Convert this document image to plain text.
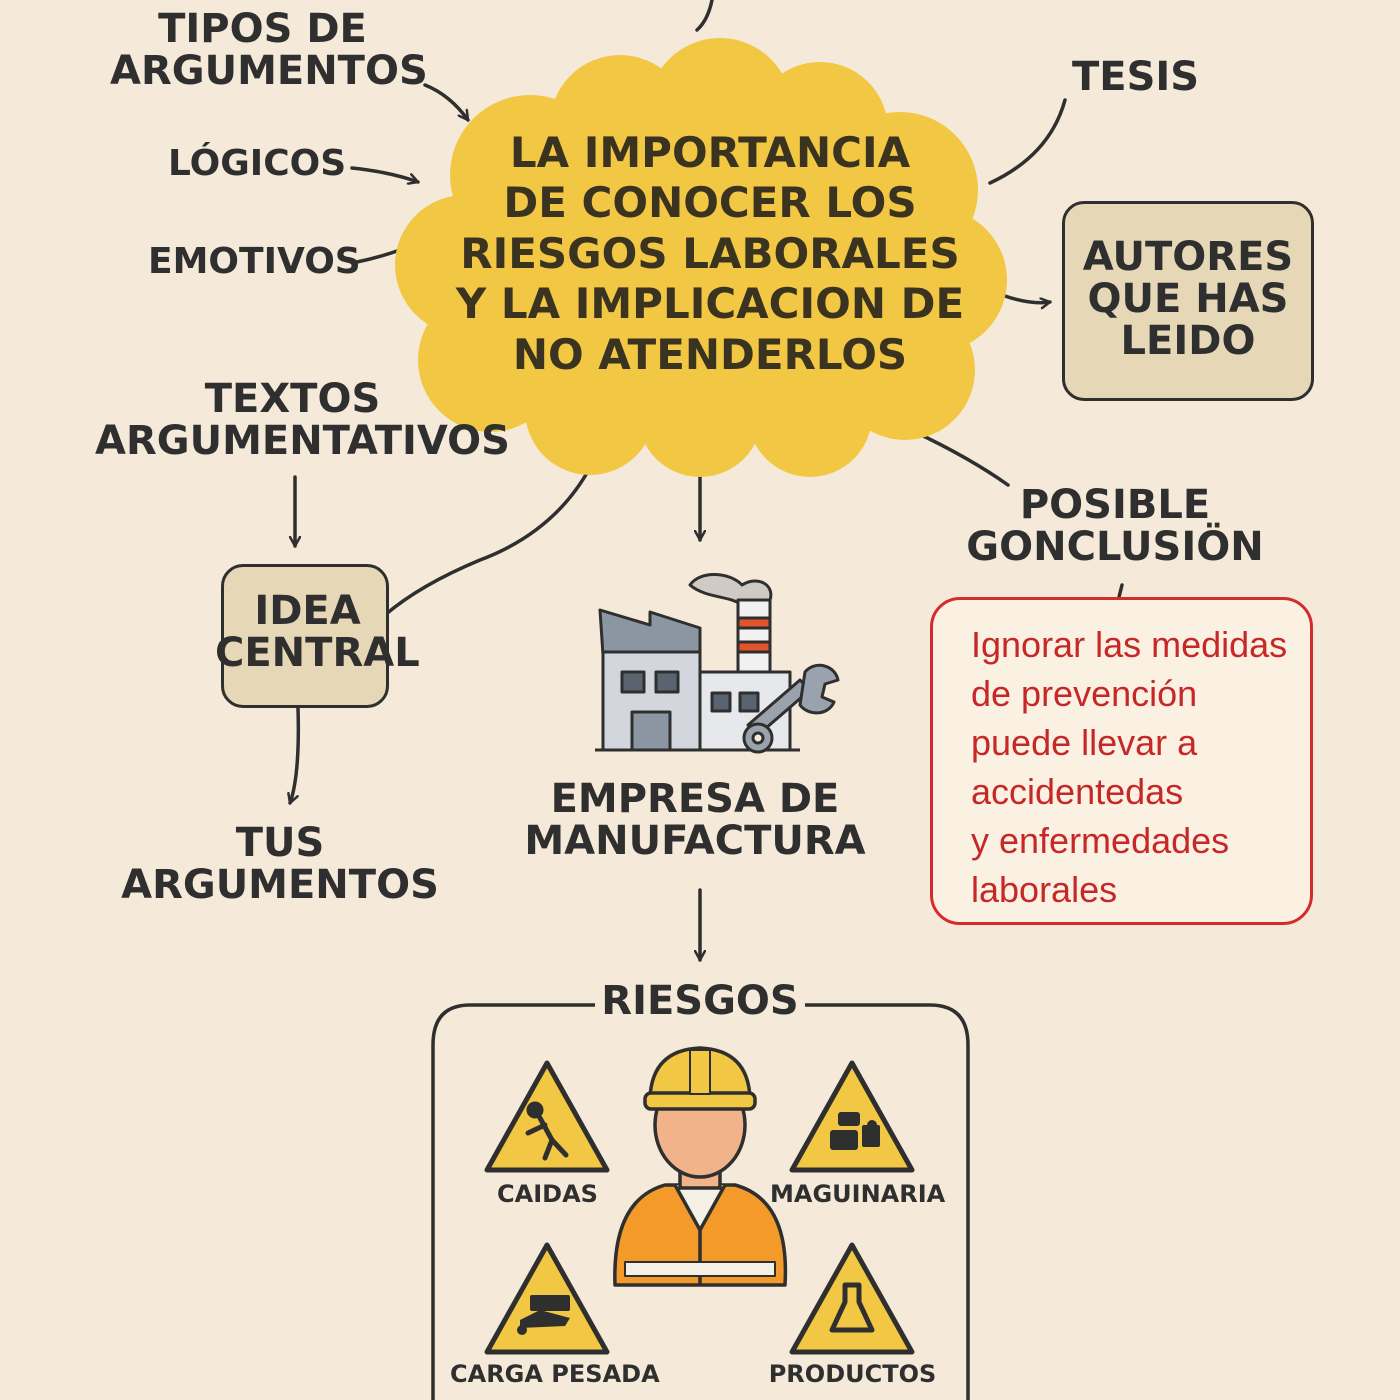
LA IMPORTANCIA
DE CONOCER LOS
RIESGOS LABORALES
Y LA IMPLICACION DE
NO ATENDERLOS
TIPOS DE
ARGUMENTOS
LÓGICOS
EMOTIVOS
TESIS
AUTORES
QUE HAS
LEIDO
TEXTOS
ARGUMENTATIVOS
IDEA
CENTRAL
TUS
ARGUMENTOS
EMPRESA DE
MANUFACTURA
POSIBLE
GONCLUSIÖN
Ignorar las medidas
de prevención
puede llevar a
accidentedas
y enfermedades
laborales
RIESGOS
CAIDAS	MAGUINARIA
CARGA PESADA	PRODUCTOS
